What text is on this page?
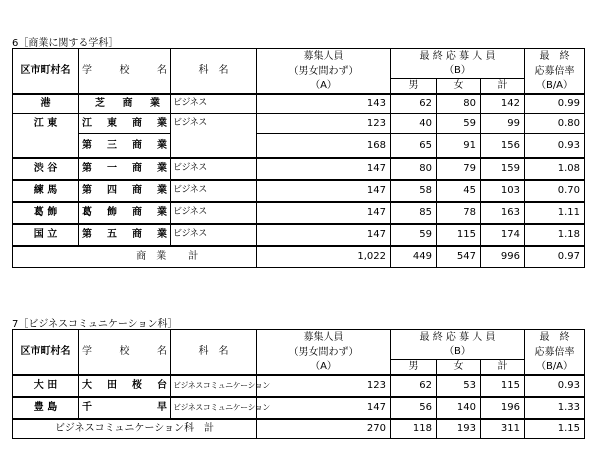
6［商業に関する学科］
区市町村名	学 校 名	科　名	募集人員	最 終 応 募 人 員			最　終
			（男女問わず）	（B）			応募倍率
			（A）	男	女	計	（B/A）
港	芝 商 業	ビジネス	143	62	80	142	0.99
江 東	江 東 商 業	ビジネス	123	40	59	99	0.80

	第 三 商 業		168	65	91	156	0.93
渋 谷	第 一 商 業	ビジネス	147	80	79	159	1.08
練 馬	第 四 商 業	ビジネス	147	58	45	103	0.70
葛 飾	葛 飾 商 業	ビジネス	147	85	78	163	1.11
国 立	第 五 商 業	ビジネス	147	59	115	174	1.18
	商　業 計		1,022	449	547	996	0.97
7［ビジネスコミュニケーション科］
区市町村名	学 校 名	科　名	募集人員	最 終 応 募 人 員			最　終
			（男女問わず）	（B）			応募倍率
			（A）	男	女	計	（B/A）
大 田	大 田 桜 台	ビジネスコミュニケーション	123	62	53	115	0.93
豊 島	千 早	ビジネスコミュニケーション	147	56	140	196	1.33
ビジネスコミュニケーション科　計			270	118	193	311	1.15
